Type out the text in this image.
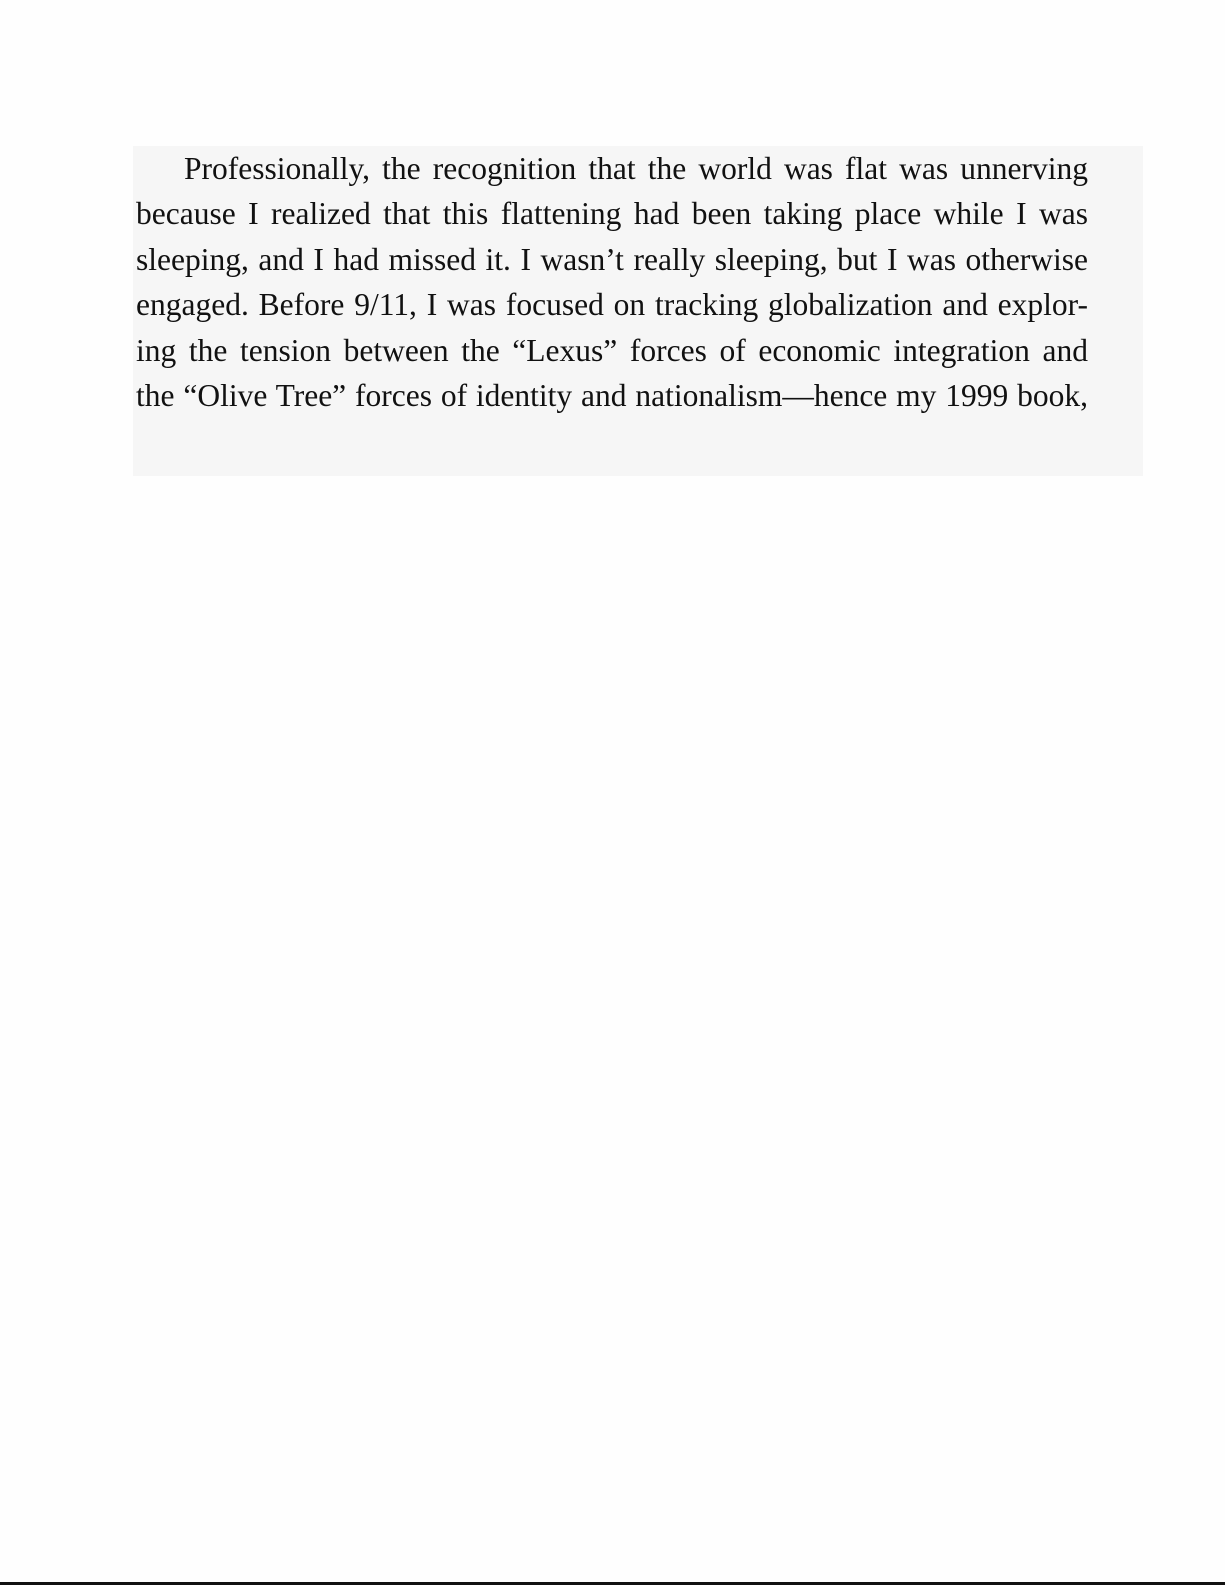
Professionally, the recognition that the world was flat was unnerving
because I realized that this flattening had been taking place while I was
sleeping, and I had missed it. I wasn’t really sleeping, but I was otherwise
engaged. Before 9/11, I was focused on tracking globalization and explor-
ing the tension between the “Lexus” forces of economic integration and
the “Olive Tree” forces of identity and nationalism—hence my 1999 book,
